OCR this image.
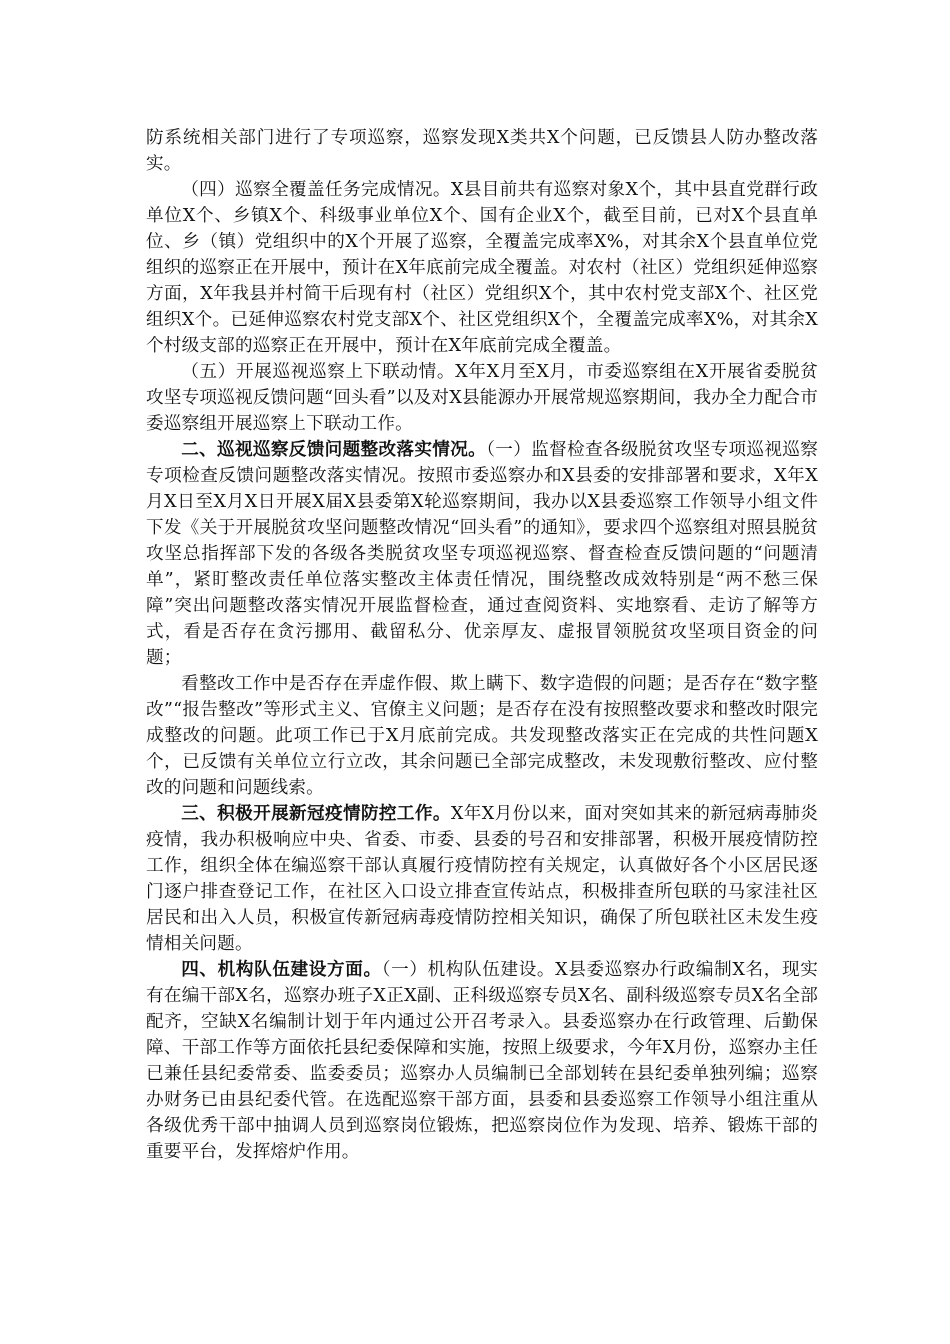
防系统相关部门进行了专项巡察，巡察发现X类共X个问题，已反馈县人防办整改落实。

（四）巡察全覆盖任务完成情况。X县目前共有巡察对象X个，其中县直党群行政单位X个、乡镇X个、科级事业单位X个、国有企业X个，截至目前，已对X个县直单位、乡（镇）党组织中的X个开展了巡察，全覆盖完成率X%，对其余X个县直单位党组织的巡察正在开展中，预计在X年底前完成全覆盖。对农村（社区）党组织延伸巡察方面，X年我县并村简干后现有村（社区）党组织X个，其中农村党支部X个、社区党组织X个。已延伸巡察农村党支部X个、社区党组织X个，全覆盖完成率X%，对其余X个村级支部的巡察正在开展中，预计在X年底前完成全覆盖。

（五）开展巡视巡察上下联动情。X年X月至X月，市委巡察组在X开展省委脱贫攻坚专项巡视反馈问题“回头看”以及对X县能源办开展常规巡察期间，我办全力配合市委巡察组开展巡察上下联动工作。

二、巡视巡察反馈问题整改落实情况。（一）监督检查各级脱贫攻坚专项巡视巡察专项检查反馈问题整改落实情况。按照市委巡察办和X县委的安排部署和要求，X年X月X日至X月X日开展X届X县委第X轮巡察期间，我办以X县委巡察工作领导小组文件下发《关于开展脱贫攻坚问题整改情况“回头看”的通知》，要求四个巡察组对照县脱贫攻坚总指挥部下发的各级各类脱贫攻坚专项巡视巡察、督查检查反馈问题的“问题清单”，紧盯整改责任单位落实整改主体责任情况，围绕整改成效特别是“两不愁三保障”突出问题整改落实情况开展监督检查，通过查阅资料、实地察看、走访了解等方式，看是否存在贪污挪用、截留私分、优亲厚友、虚报冒领脱贫攻坚项目资金的问题；

看整改工作中是否存在弄虚作假、欺上瞒下、数字造假的问题；是否存在“数字整改”“报告整改”等形式主义、官僚主义问题；是否存在没有按照整改要求和整改时限完成整改的问题。此项工作已于X月底前完成。共发现整改落实正在完成的共性问题X个，已反馈有关单位立行立改，其余问题已全部完成整改，未发现敷衍整改、应付整改的问题和问题线索。

三、积极开展新冠疫情防控工作。X年X月份以来，面对突如其来的新冠病毒肺炎疫情，我办积极响应中央、省委、市委、县委的号召和安排部署，积极开展疫情防控工作，组织全体在编巡察干部认真履行疫情防控有关规定，认真做好各个小区居民逐门逐户排查登记工作，在社区入口设立排查宣传站点，积极排查所包联的马家洼社区居民和出入人员，积极宣传新冠病毒疫情防控相关知识，确保了所包联社区未发生疫情相关问题。

四、机构队伍建设方面。（一）机构队伍建设。X县委巡察办行政编制X名，现实有在编干部X名，巡察办班子X正X副、正科级巡察专员X名、副科级巡察专员X名全部配齐，空缺X名编制计划于年内通过公开召考录入。县委巡察办在行政管理、后勤保障、干部工作等方面依托县纪委保障和实施，按照上级要求，今年X月份，巡察办主任已兼任县纪委常委、监委委员；巡察办人员编制已全部划转在县纪委单独列编；巡察办财务已由县纪委代管。在选配巡察干部方面，县委和县委巡察工作领导小组注重从各级优秀干部中抽调人员到巡察岗位锻炼，把巡察岗位作为发现、培养、锻炼干部的重要平台，发挥熔炉作用。
